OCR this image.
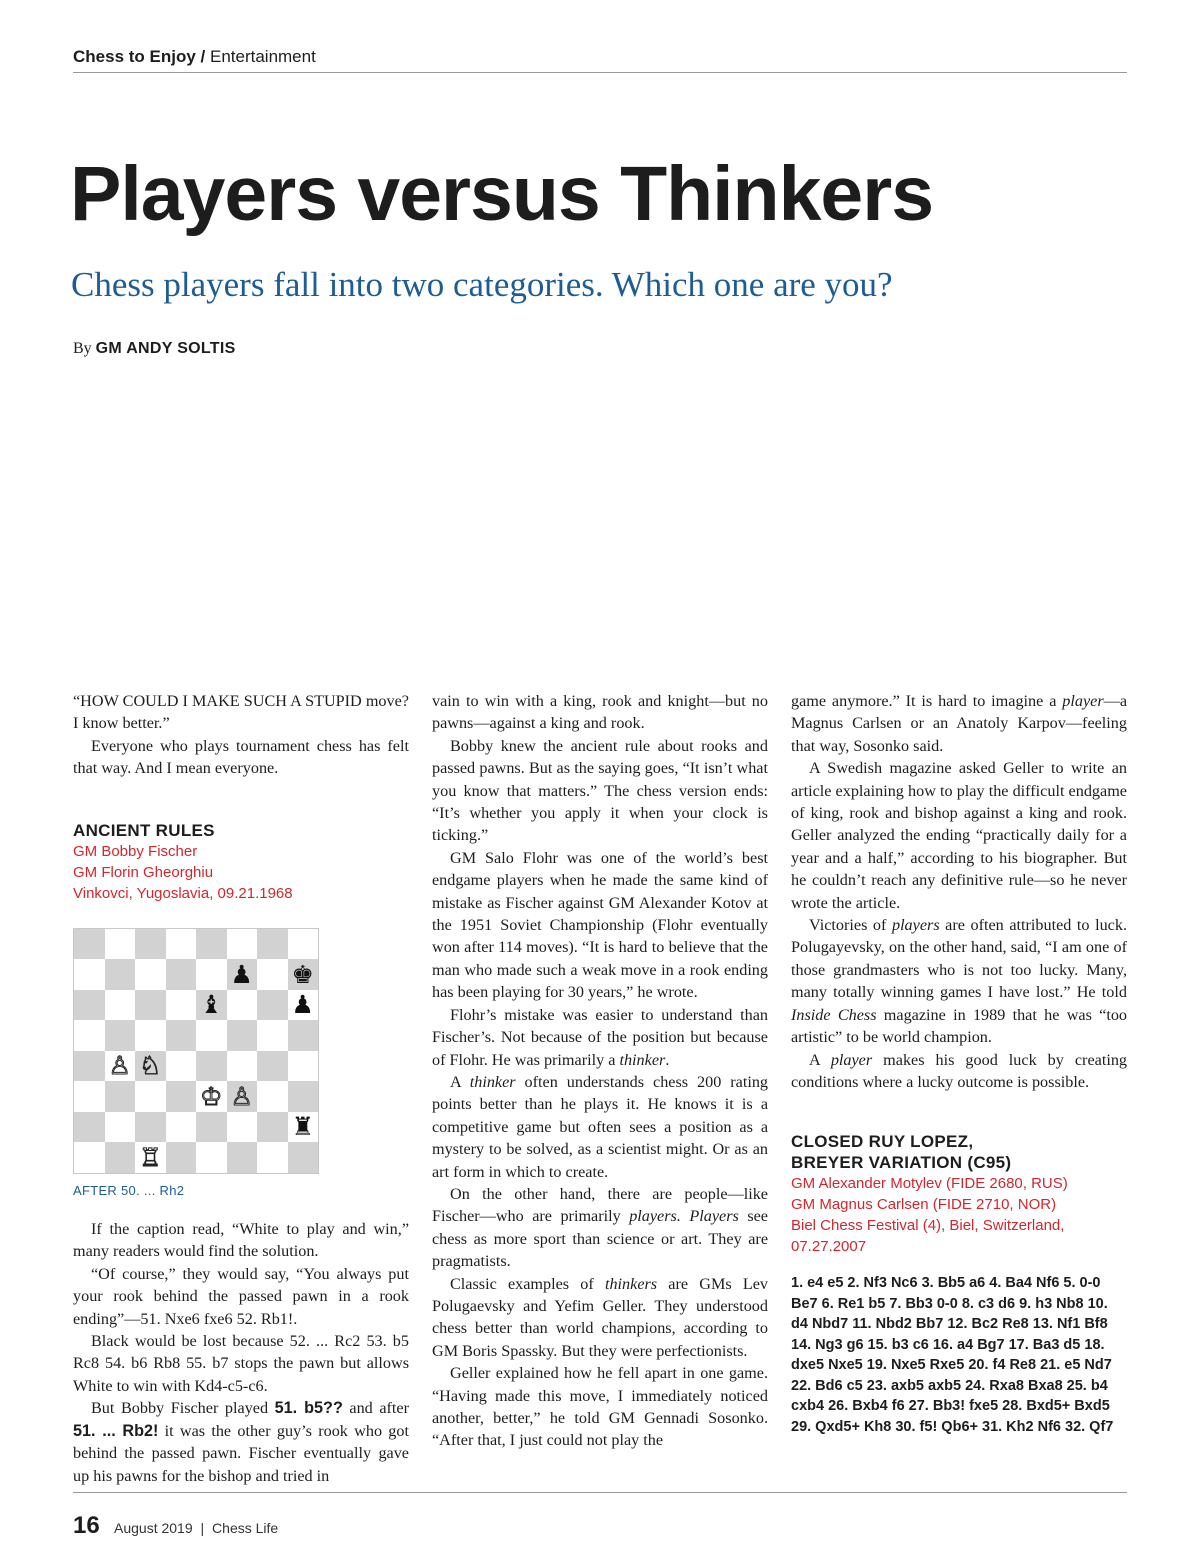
Chess to Enjoy / Entertainment
Players versus Thinkers
Chess players fall into two categories. Which one are you?
By GM ANDY SOLTIS

“HOW COULD I MAKE SUCH A STUPID move? I know better.”

Everyone who plays tournament chess has felt that way. And I mean everyone.

ANCIENT RULES
GM Bobby Fischer
GM Florin Gheorghiu
Vinkovci, Yugoslavia, 09.21.1968
♟ ♚
♝	♟
♙ ♘
♔ ♙
♜
♖
AFTER 50. ... Rh2

If the caption read, “White to play and win,” many readers would find the solution.

“Of course,” they would say, “You always put your rook behind the passed pawn in a rook ending”—51. Nxe6 fxe6 52. Rb1!.

Black would be lost because 52. ... Rc2 53. b5 Rc8 54. b6 Rb8 55. b7 stops the pawn but allows White to win with Kd4-c5-c6.

But Bobby Fischer played 51. b5?? and after 51. ... Rb2! it was the other guy’s rook who got behind the passed pawn. Fischer eventually gave up his pawns for the bishop and tried in

vain to win with a king, rook and knight—but no pawns—against a king and rook.

Bobby knew the ancient rule about rooks and passed pawns. But as the saying goes, “It isn’t what you know that matters.” The chess version ends: “It’s whether you apply it when your clock is ticking.”

GM Salo Flohr was one of the world’s best endgame players when he made the same kind of mistake as Fischer against GM Alexander Kotov at the 1951 Soviet Championship (Flohr eventually won after 114 moves). “It is hard to believe that the man who made such a weak move in a rook ending has been playing for 30 years,” he wrote.

Flohr’s mistake was easier to understand than Fischer’s. Not because of the position but because of Flohr. He was primarily a thinker.

A thinker often understands chess 200 rating points better than he plays it. He knows it is a competitive game but often sees a position as a mystery to be solved, as a scientist might. Or as an art form in which to create.

On the other hand, there are people—like Fischer—who are primarily players. Players see chess as more sport than science or art. They are pragmatists.

Classic examples of thinkers are GMs Lev Polugaevsky and Yefim Geller. They understood chess better than world champions, according to GM Boris Spassky. But they were perfectionists.

Geller explained how he fell apart in one game. “Having made this move, I immediately noticed another, better,” he told GM Gennadi Sosonko. “After that, I just could not play the

game anymore.” It is hard to imagine a player—a Magnus Carlsen or an Anatoly Karpov—feeling that way, Sosonko said.

A Swedish magazine asked Geller to write an article explaining how to play the difficult endgame of king, rook and bishop against a king and rook. Geller analyzed the ending “practically daily for a year and a half,” according to his biographer. But he couldn’t reach any definitive rule—so he never wrote the article.

Victories of players are often attributed to luck. Polugayevsky, on the other hand, said, “I am one of those grandmasters who is not too lucky. Many, many totally winning games I have lost.” He told Inside Chess magazine in 1989 that he was “too artistic” to be world champion.

A player makes his good luck by creating conditions where a lucky outcome is possible.

CLOSED RUY LOPEZ,
BREYER VARIATION (C95)
GM Alexander Motylev (FIDE 2680, RUS)
GM Magnus Carlsen (FIDE 2710, NOR)
Biel Chess Festival (4), Biel, Switzerland, 07.27.2007
1. e4 e5 2. Nf3 Nc6 3. Bb5 a6 4. Ba4 Nf6 5. 0-0 Be7 6. Re1 b5 7. Bb3 0-0 8. c3 d6 9. h3 Nb8 10. d4 Nbd7 11. Nbd2 Bb7 12. Bc2 Re8 13. Nf1 Bf8 14. Ng3 g6 15. b3 c6 16. a4 Bg7 17. Ba3 d5 18. dxe5 Nxe5 19. Nxe5 Rxe5 20. f4 Re8 21. e5 Nd7 22. Bd6 c5 23. axb5 axb5 24. Rxa8 Bxa8 25. b4 cxb4 26. Bxb4 f6 27. Bb3! fxe5 28. Bxd5+ Bxd5 29. Qxd5+ Kh8 30. f5! Qb6+ 31. Kh2 Nf6 32. Qf7
16 August 2019 | Chess Life
